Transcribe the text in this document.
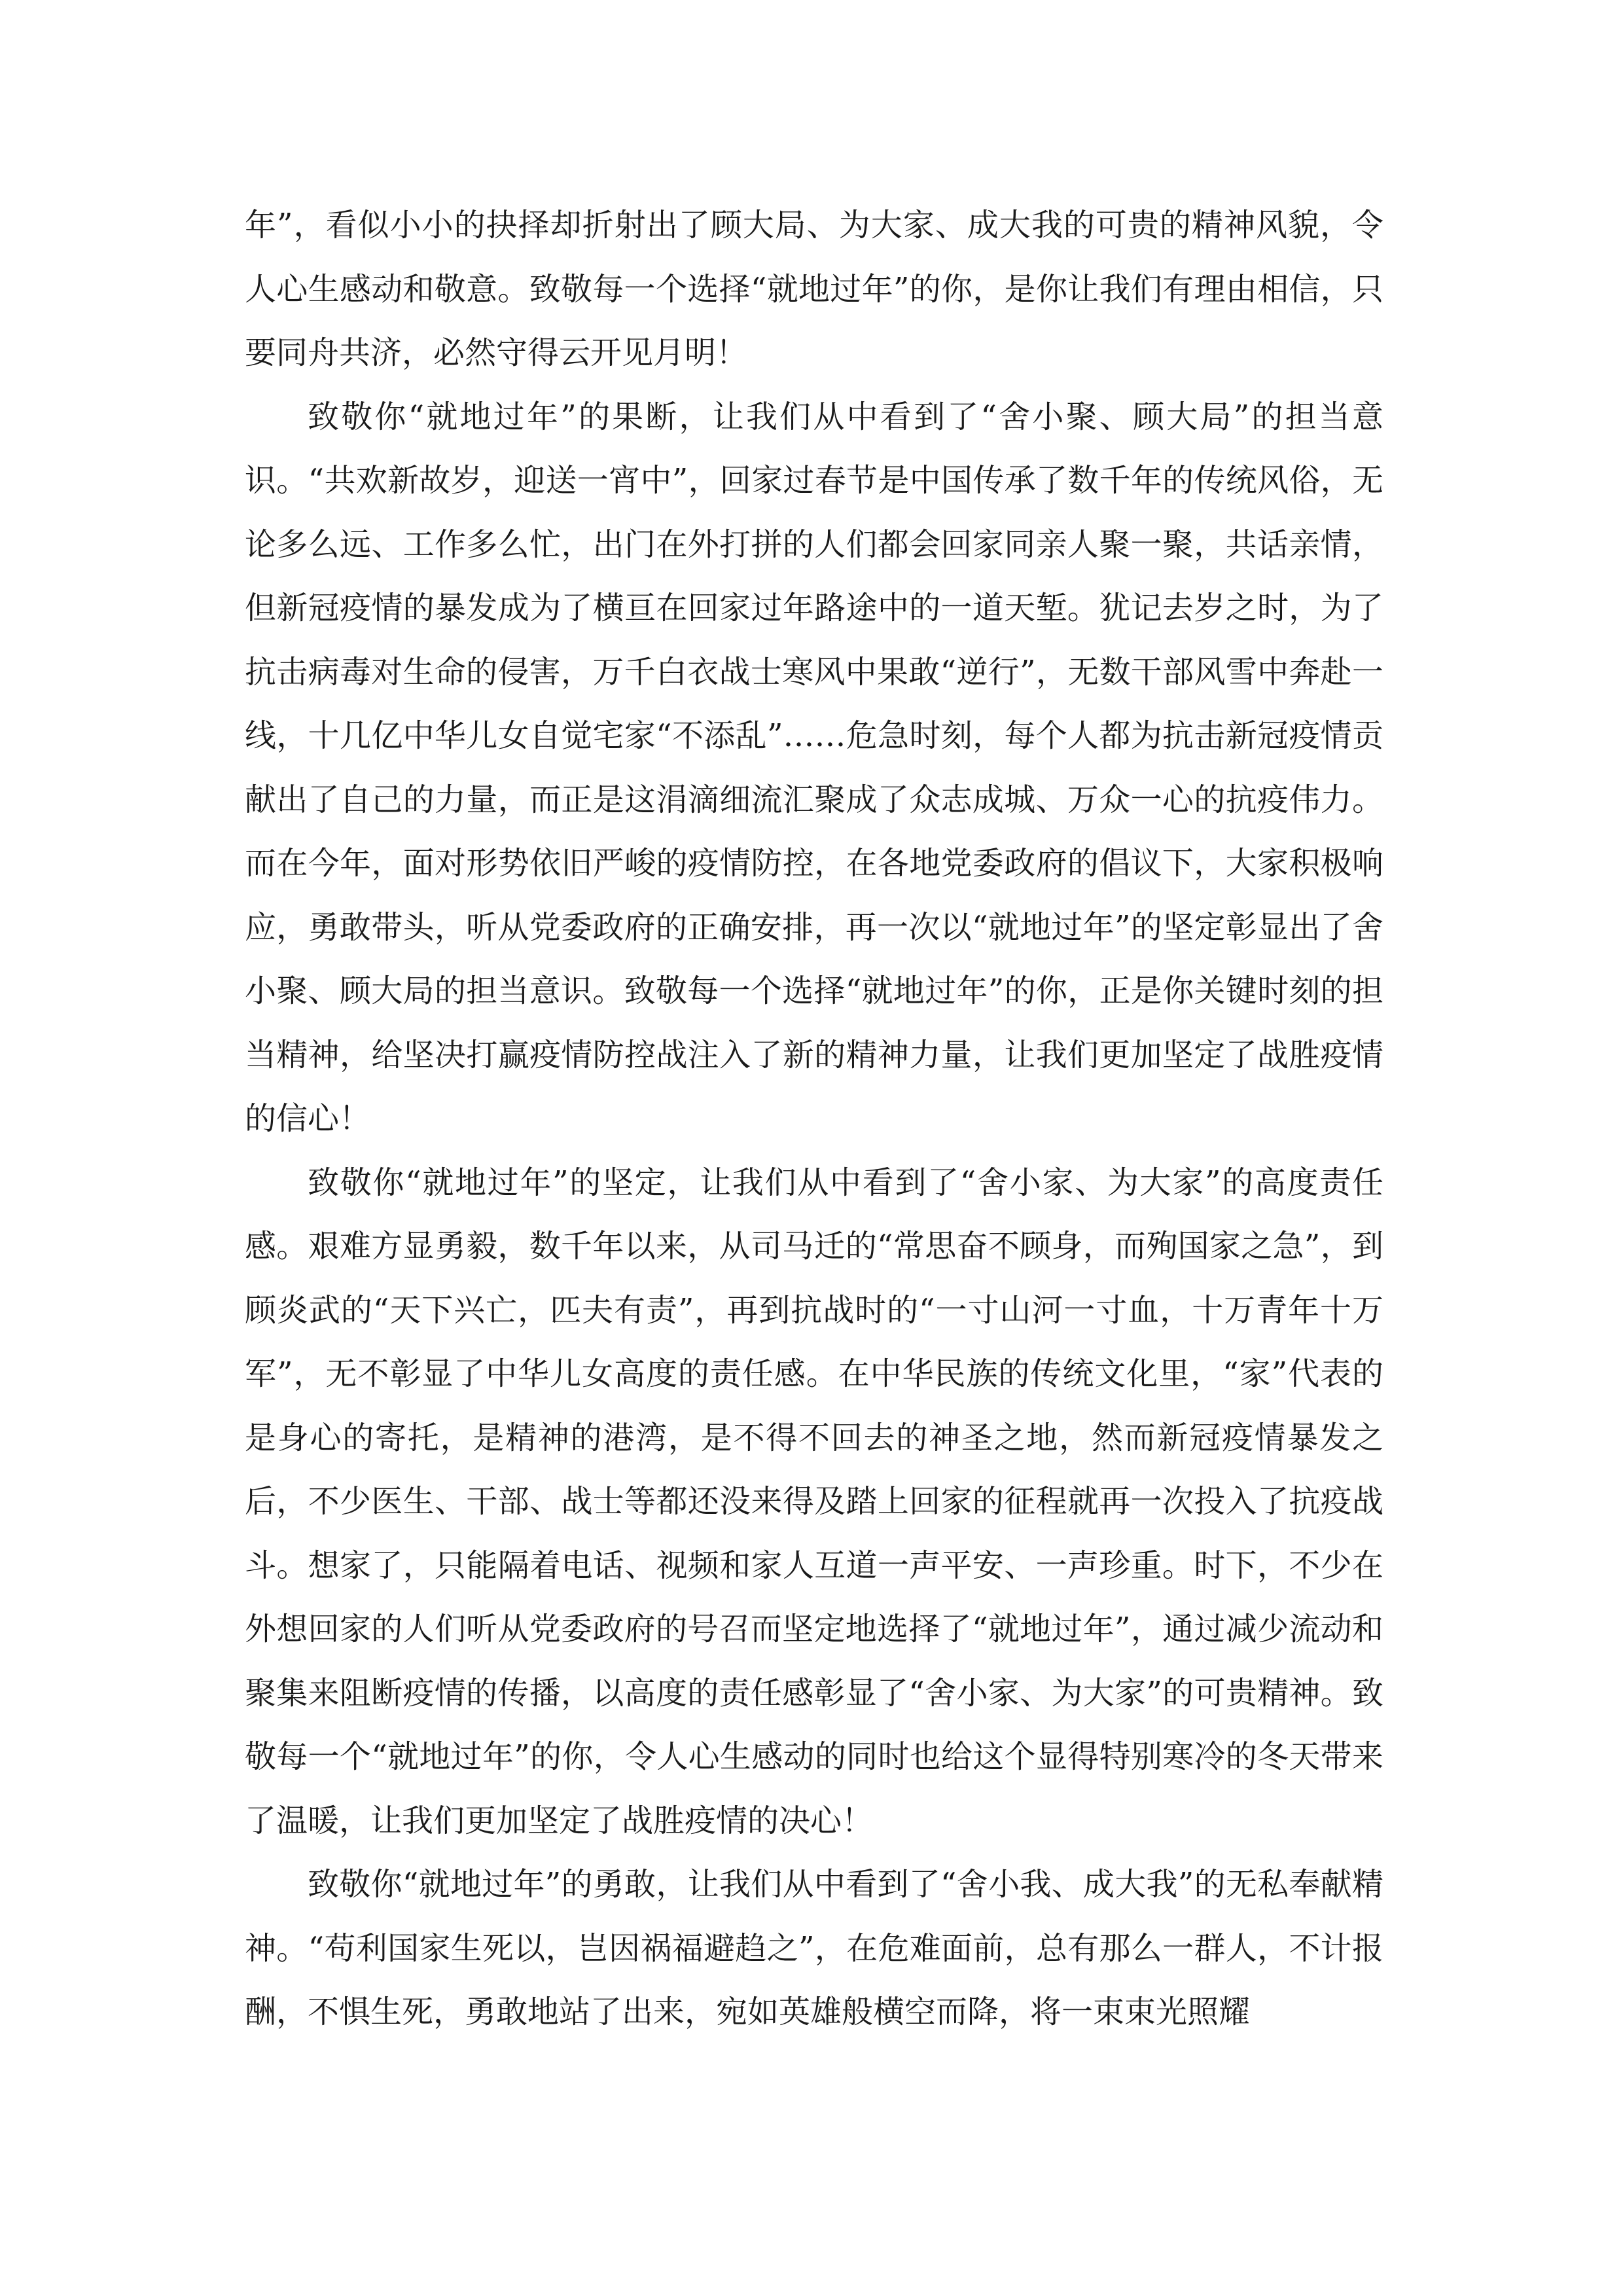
年”，看似小小的抉择却折射出了顾大局、为大家、成大我的可贵的精神风貌，令人心生感动和敬意。致敬每一个选择“就地过年”的你，是你让我们有理由相信，只要同舟共济，必然守得云开见月明！

致敬你“就地过年”的果断，让我们从中看到了“舍小聚、顾大局”的担当意识。“共欢新故岁，迎送一宵中”，回家过春节是中国传承了数千年的传统风俗，无论多么远、工作多么忙，出门在外打拼的人们都会回家同亲人聚一聚，共话亲情，但新冠疫情的暴发成为了横亘在回家过年路途中的一道天堑。犹记去岁之时，为了抗击病毒对生命的侵害，万千白衣战士寒风中果敢“逆行”，无数干部风雪中奔赴一线，十几亿中华儿女自觉宅家“不添乱”……危急时刻，每个人都为抗击新冠疫情贡献出了自己的力量，而正是这涓滴细流汇聚成了众志成城、万众一心的抗疫伟力。而在今年，面对形势依旧严峻的疫情防控，在各地党委政府的倡议下，大家积极响应，勇敢带头，听从党委政府的正确安排，再一次以“就地过年”的坚定彰显出了舍小聚、顾大局的担当意识。致敬每一个选择“就地过年”的你，正是你关键时刻的担当精神，给坚决打赢疫情防控战注入了新的精神力量，让我们更加坚定了战胜疫情的信心！

致敬你“就地过年”的坚定，让我们从中看到了“舍小家、为大家”的高度责任感。艰难方显勇毅，数千年以来，从司马迁的“常思奋不顾身，而殉国家之急”，到顾炎武的“天下兴亡，匹夫有责”，再到抗战时的“一寸山河一寸血，十万青年十万军”，无不彰显了中华儿女高度的责任感。在中华民族的传统文化里，“家”代表的是身心的寄托，是精神的港湾，是不得不回去的神圣之地，然而新冠疫情暴发之后，不少医生、干部、战士等都还没来得及踏上回家的征程就再一次投入了抗疫战斗。想家了，只能隔着电话、视频和家人互道一声平安、一声珍重。时下，不少在外想回家的人们听从党委政府的号召而坚定地选择了“就地过年”，通过减少流动和聚集来阻断疫情的传播，以高度的责任感彰显了“舍小家、为大家”的可贵精神。致敬每一个“就地过年”的你，令人心生感动的同时也给这个显得特别寒冷的冬天带来了温暖，让我们更加坚定了战胜疫情的决心！

致敬你“就地过年”的勇敢，让我们从中看到了“舍小我、成大我”的无私奉献精神。“苟利国家生死以，岂因祸福避趋之”，在危难面前，总有那么一群人，不计报酬，不惧生死，勇敢地站了出来，宛如英雄般横空而降，将一束束光照耀
